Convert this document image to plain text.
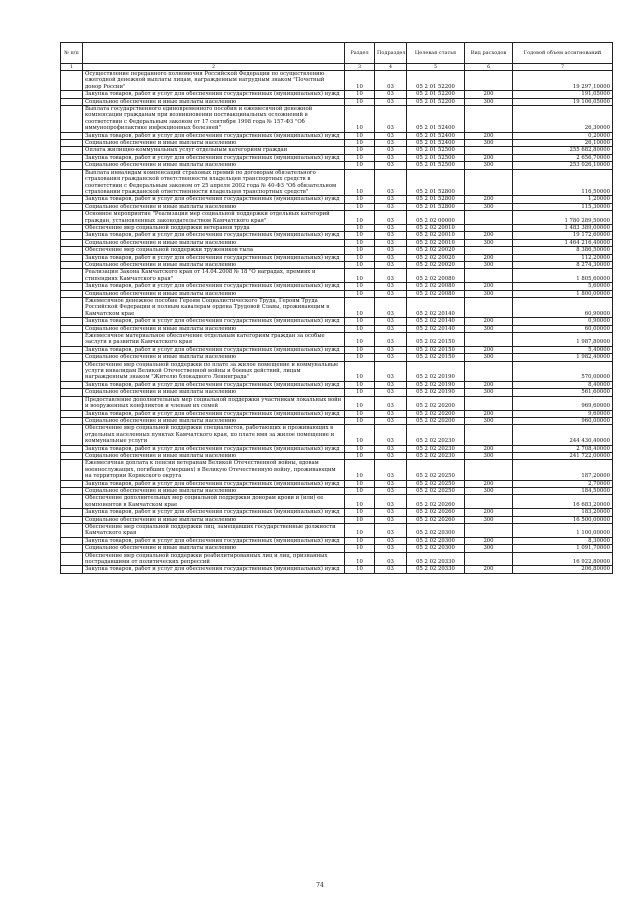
№ п/п		Раздел	Подраздел	Целевая статья	Вид расходов	Годовой объем ассигнований
1	2	3	4	5	6	7
	Осуществление переданного полномочия Российской Федерации по осуществлению ежегодной денежной выплаты лицам, награжденным нагрудным знаком "Почетный донор России"	10	03	05 2 01 52200		19 297,10000
	Закупка товаров, работ и услуг для обеспечения государственных (муниципальных) нужд	10	03	05 2 01 52200	200	191,05000
	Социальное обеспечение и иные выплаты населению	10	03	05 2 01 52200	300	19 106,05000
	Выплата государственного единовременного пособия и ежемесячной денежной компенсации гражданам при возникновении поствакцинальных осложнений в соответствии с Федеральным законом от 17 сентября 1998 года № 157-ФЗ "Об иммунопрофилактике инфекционных болезней"	10	03	05 2 01 52400		26,30000
	Закупка товаров, работ и услуг для обеспечения государственных (муниципальных) нужд	10	03	05 2 01 52400	200	0,20000
	Социальное обеспечение и иные выплаты населению	10	03	05 2 01 52400	300	26,10000
	Оплата жилищно-коммунальных услуг отдельным категориям граждан	10	03	05 2 01 52500		255 682,80000
	Закупка товаров, работ и услуг для обеспечения государственных (муниципальных) нужд	10	03	05 2 01 52500	200	2 656,70000
	Социальное обеспечение и иные выплаты населению	10	03	05 2 01 52500	300	253 026,10000
	Выплата инвалидам компенсаций страховых премий по договорам обязательного страхования гражданской ответственности владельцев транспортных средств в соответствии с Федеральным законом от 25 апреля 2002 года № 40-ФЗ "Об обязательном страховании гражданской ответственности владельцев транспортных средств"	10	03	05 2 01 52800		116,50000
	Закупка товаров, работ и услуг для обеспечения государственных (муниципальных) нужд	10	03	05 2 01 52800	200	1,20000
	Социальное обеспечение и иные выплаты населению	10	03	05 2 01 52800	300	115,30000
	Основное мероприятие "Реализация мер социальной поддержки отдельных категорий граждан, установленных законодательством Камчатского края"	10	03	05 2 02 00000		1 780 289,50000
	Обеспечение мер социальной поддержки ветеранов труда	10	03	05 2 02 20010		1 483 389,00000
	Закупка товаров, работ и услуг для обеспечения государственных (муниципальных) нужд	10	03	05 2 02 20010	200	19 172,60000
	Социальное обеспечение и иные выплаты населению	10	03	05 2 02 20010	300	1 464 216,40000
	Обеспечение мер социальной поддержки тружеников тыла	10	03	05 2 02 20020		8 386,50000
	Закупка товаров, работ и услуг для обеспечения государственных (муниципальных) нужд	10	03	05 2 02 20020	200	112,20000
	Социальное обеспечение и иные выплаты населению	10	03	05 2 02 20020	300	8 274,30000
	Реализация Закона Камчатского края от 14.04.2008 № 18 "О наградах, премиях и стипендиях Камчатского края"	10	03	05 2 02 20080		1 805,60000
	Закупка товаров, работ и услуг для обеспечения государственных (муниципальных) нужд	10	03	05 2 02 20080	200	5,60000
	Социальное обеспечение и иные выплаты населению	10	03	05 2 02 20080	300	1 800,00000
	Ежемесячное денежное пособие Героям Социалистического Труда, Героям Труда Российской Федерации и полным кавалерам ордена Трудовой Славы, проживающим в Камчатском крае	10	03	05 2 02 20140		60,90000
	Закупка товаров, работ и услуг для обеспечения государственных (муниципальных) нужд	10	03	05 2 02 20140	200	0,90000
	Социальное обеспечение и иные выплаты населению	10	03	05 2 02 20140	300	60,00000
	Ежемесячное материальное обеспечение отдельным категориям граждан за особые заслуги в развитии Камчатского края	10	03	05 2 02 20150		1 987,80000
	Закупка товаров, работ и услуг для обеспечения государственных (муниципальных) нужд	10	03	05 2 02 20150	200	5,40000
	Социальное обеспечение и иные выплаты населению	10	03	05 2 02 20150	300	1 982,40000
	Обеспечение мер социальной поддержки по плате за жилое помещение и коммунальные услуги инвалидам Великой Отечественной войны и боевых действий, лицам награжденным знаком "Жителю блокадного Ленинграда"	10	03	05 2 02 20190		570,00000
	Закупка товаров, работ и услуг для обеспечения государственных (муниципальных) нужд	10	03	05 2 02 20190	200	8,40000
	Социальное обеспечение и иные выплаты населению	10	03	05 2 02 20190	300	561,60000
	Предоставление дополнительных мер социальной поддержки участникам локальных войн и вооруженных конфликтов и членам их семей	10	03	05 2 02 20200		969,60000
	Закупка товаров, работ и услуг для обеспечения государственных (муниципальных) нужд	10	03	05 2 02 20200	200	9,60000
	Социальное обеспечение и иные выплаты населению	10	03	05 2 02 20200	300	960,00000
	Обеспечение мер социальной поддержки специалистов, работающих и проживающих в отдельных населенных пунктах Камчатского края, по плате имя за жилое помещение и коммунальные услуги	10	03	05 2 02 20230		244 430,40000
	Закупка товаров, работ и услуг для обеспечения государственных (муниципальных) нужд	10	03	05 2 02 20230	200	2 708,40000
	Социальное обеспечение и иные выплаты населению	10	03	05 2 02 20230	300	241 722,00000
	Ежемесячная доплата к пенсии ветеранам Великой Отечественной войны, вдовам военнослужащих, погибших (умерших) в Великую Отечественную войну, проживающим на территории Корякского округа	10	03	05 2 02 20250		187,20000
	Закупка товаров, работ и услуг для обеспечения государственных (муниципальных) нужд	10	03	05 2 02 20250	200	2,70000
	Социальное обеспечение и иные выплаты населению	10	03	05 2 02 20250	300	184,50000
	Обеспечение дополнительных мер социальной поддержки донорам крови и (или) ее компонентов в Камчатском крае	10	03	05 2 02 20260		16 683,20000
	Закупка товаров, работ и услуг для обеспечения государственных (муниципальных) нужд	10	03	05 2 02 20260	200	183,20000
	Социальное обеспечение и иные выплаты населению	10	03	05 2 02 20260	300	16 500,00000
	Обеспечение мер социальной поддержки лиц, замещавших государственные должности Камчатского края	10	03	05 2 02 20300		1 100,00000
	Закупка товаров, работ и услуг для обеспечения государственных (муниципальных) нужд	10	03	05 2 02 20300	200	8,30000
	Социальное обеспечение и иные выплаты населению	10	03	05 2 02 20300	300	1 091,70000
	Обеспечение мер социальной поддержки реабилитированных лиц и лиц, признанных пострадавшими от политических репрессий	10	03	05 2 02 20330		16 922,80000
	Закупка товаров, работ и услуг для обеспечения государственных (муниципальных) нужд	10	03	05 2 02 20330	200	206,80000
74
